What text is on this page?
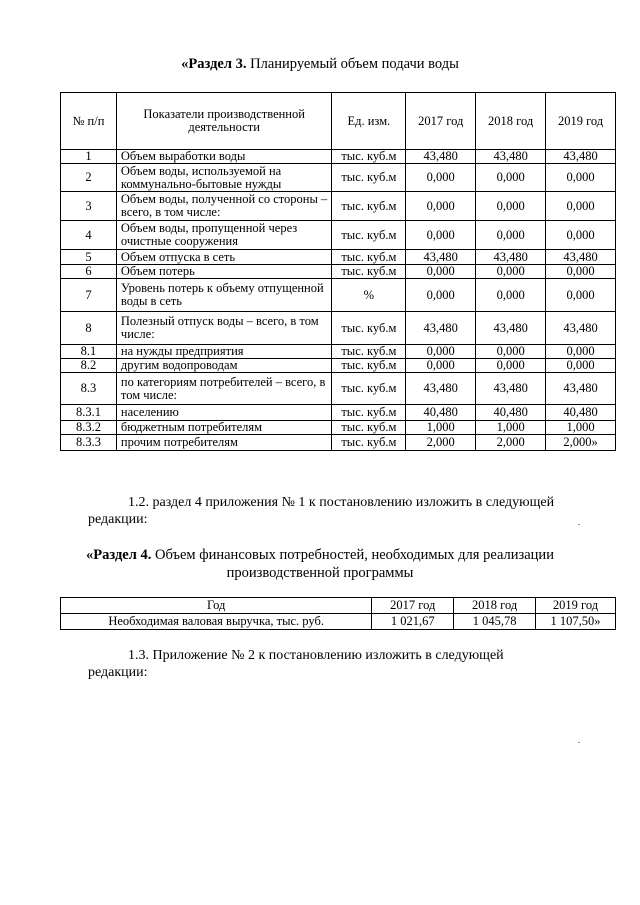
«Раздел 3. Планируемый объем подачи воды
№ п/п	Показатели производственной деятельности	Ед. изм.	2017 год	2018 год	2019 год
1	Объем выработки воды	тыс. куб.м	43,480	43,480	43,480
2	Объем воды, используемой на коммунально-бытовые нужды	тыс. куб.м	0,000	0,000	0,000
3	Объем воды, полученной со стороны – всего, в том числе:	тыс. куб.м	0,000	0,000	0,000
4	Объем воды, пропущенной через очистные сооружения	тыс. куб.м	0,000	0,000	0,000
5	Объем отпуска в сеть	тыс. куб.м	43,480	43,480	43,480
6	Объем потерь	тыс. куб.м	0,000	0,000	0,000
7	Уровень потерь к объему отпущенной воды в сеть	%	0,000	0,000	0,000
8	Полезный отпуск воды – всего, в том числе:	тыс. куб.м	43,480	43,480	43,480
8.1	на нужды предприятия	тыс. куб.м	0,000	0,000	0,000
8.2	другим водопроводам	тыс. куб.м	0,000	0,000	0,000
8.3	по категориям потребителей – всего, в том числе:	тыс. куб.м	43,480	43,480	43,480
8.3.1	населению	тыс. куб.м	40,480	40,480	40,480
8.3.2	бюджетным потребителям	тыс. куб.м	1,000	1,000	1,000
8.3.3	прочим потребителям	тыс. куб.м	2,000	2,000	2,000»
1.2. раздел 4 приложения № 1 к постановлению изложить в следующей
редакции:
«Раздел 4. Объем финансовых потребностей, необходимых для реализации
производственной программы
Год	2017 год	2018 год	2019 год
Необходимая валовая выручка, тыс. руб.	1 021,67	1 045,78	1 107,50»
1.3. Приложение № 2 к постановлению изложить в следующей
редакции:
